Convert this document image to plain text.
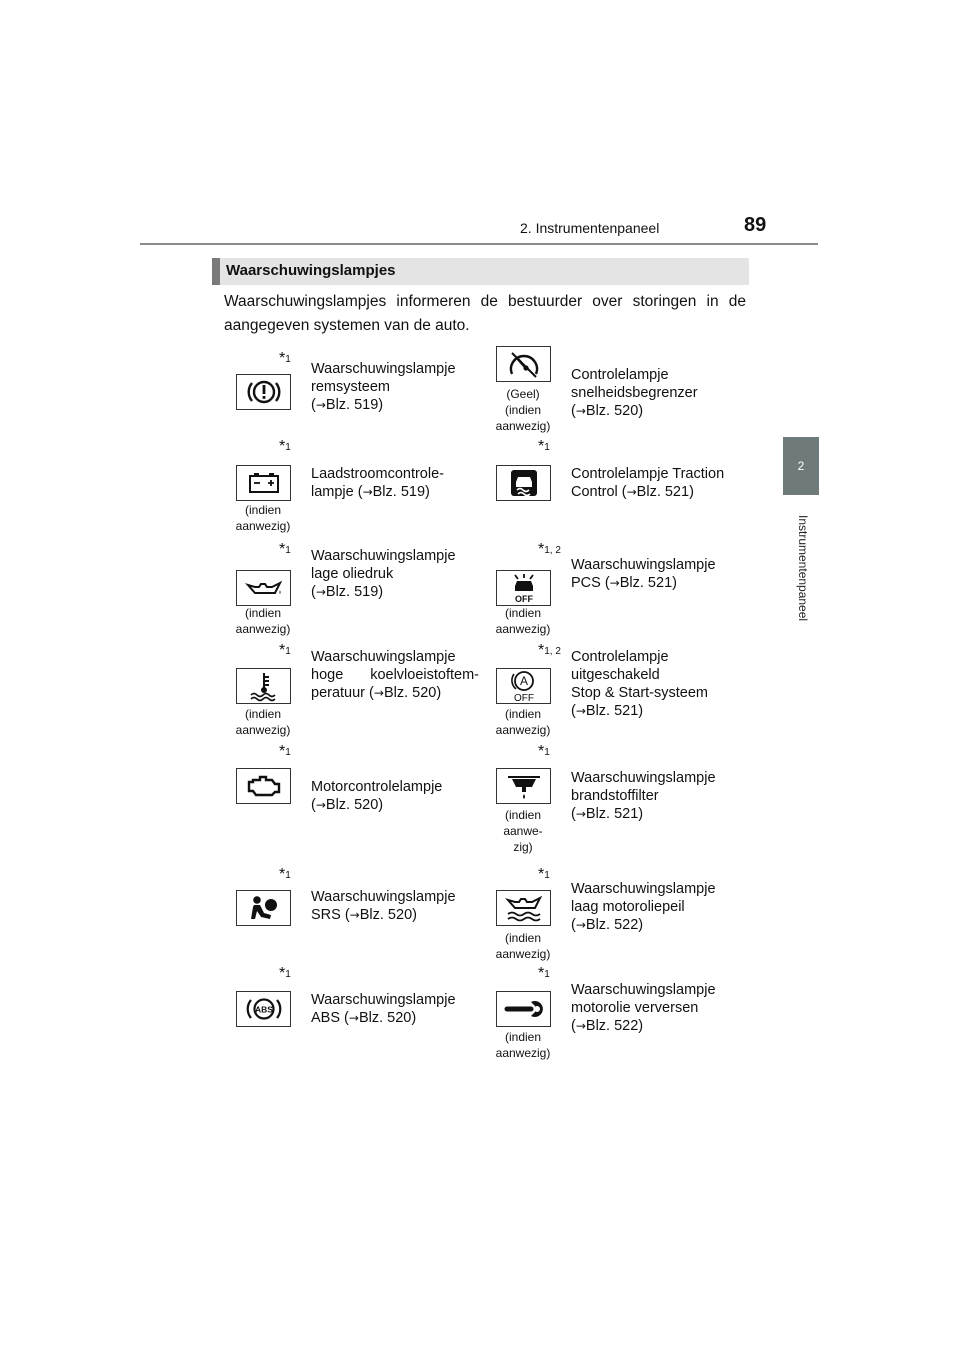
2. Instrumentenpaneel	89
2
Instrumentenpaneel
Waarschuwingslampjes
Waarschuwingslampjes informeren de bestuurder over storingen in de aangegeven systemen van de auto.
$*_1$
Waarschuwingslampje
remsysteem
(→Blz. 519)
(Geel)
(indien
aanwezig)
Controlelampje
snelheidsbegrenzer
(→Blz. 520)
$*_1$
(indien
aanwezig)
Laadstroomcontrole-
lampje (→Blz. 519)
$*_1$
Controlelampje Traction
Control (→Blz. 521)
$*_1$
(indien
aanwezig)
Waarschuwingslampje
lage oliedruk
(→Blz. 519)
$*_{1, 2}$
OFF
(indien
aanwezig)
Waarschuwingslampje
PCS (→Blz. 521)
$*_1$
(indien
aanwezig)
Waarschuwingslampje
hoge koelvloeistoftem-
peratuur (→Blz. 520)
$*_{1, 2}$
A
OFF
(indien
aanwezig)
Controlelampje
uitgeschakeld
Stop & Start-systeem
(→Blz. 521)
$*_1$
Motorcontrolelampje
(→Blz. 520)
$*_1$
(indien
aanwe-
zig)
Waarschuwingslampje
brandstoffilter
(→Blz. 521)
$*_1$
Waarschuwingslampje
SRS (→Blz. 520)
$*_1$
(indien
aanwezig)
Waarschuwingslampje
laag motoroliepeil
(→Blz. 522)
$*_1$
ABS
Waarschuwingslampje
ABS (→Blz. 520)
$*_1$
(indien
aanwezig)
Waarschuwingslampje
motorolie verversen
(→Blz. 522)
